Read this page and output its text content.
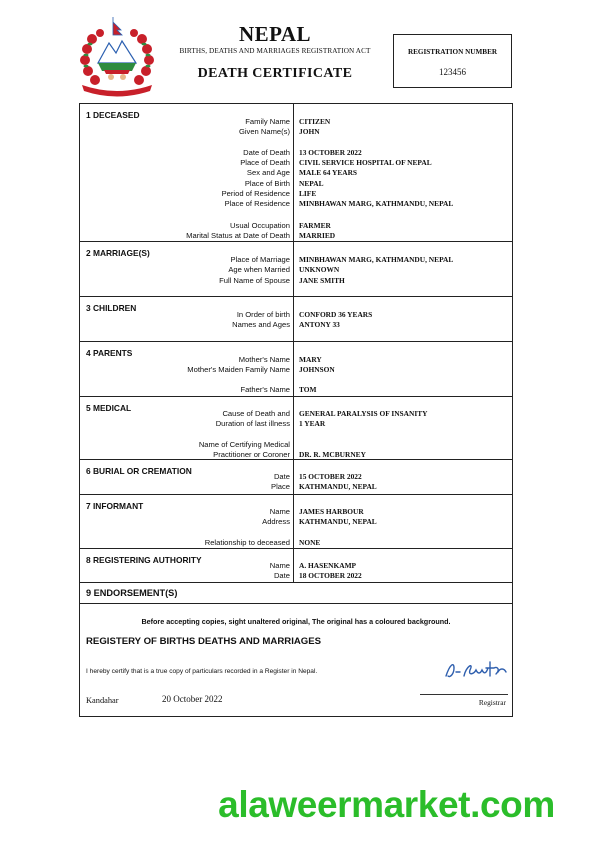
NEPAL
BIRTHS, DEATHS AND MARRIAGES REGISTRATION ACT
DEATH CERTIFICATE
REGISTRATION NUMBER
123456
1 DECEASED
Family Name CITIZEN
Given Name(s) JOHN
Date of Death 13 OCTOBER 2022
Place of Death CIVIL SERVICE HOSPITAL OF NEPAL
Sex and Age MALE 64 YEARS
Place of Birth NEPAL
Period of Residence LIFE
Place of Residence MINBHAWAN MARG, KATHMANDU, NEPAL
Usual Occupation FARMER
Marital Status at Date of Death MARRIED
2 MARRIAGE(S)
Place of Marriage MINBHAWAN MARG, KATHMANDU, NEPAL
Age when Married UNKNOWN
Full Name of Spouse JANE SMITH
3 CHILDREN
In Order of birth CONFORD 36 YEARS
Names and Ages ANTONY 33
4 PARENTS
Mother's Name MARY
Mother's Maiden Family Name JOHNSON
Father's Name TOM
5 MEDICAL
Cause of Death and GENERAL PARALYSIS OF INSANITY
Duration of last illness 1 YEAR
Name of Certifying Medical
Practitioner or Coroner DR. R. MCBURNEY
6 BURIAL OR CREMATION
Date 15 OCTOBER 2022
Place KATHMANDU, NEPAL
7 INFORMANT
Name JAMES HARBOUR
Address KATHMANDU, NEPAL
Relationship to deceased NONE
8 REGISTERING AUTHORITY
Name A. HASENKAMP
Date 18 OCTOBER 2022
9 ENDORSEMENT(S)
Before accepting copies, sight unaltered original, The original has a coloured background.
REGISTERY OF BIRTHS DEATHS AND MARRIAGES
I hereby certify that is a true copy of particulars recorded in a Register in Nepal.
Kandahar	20 October 2022	Registrar
alaweermarket.com
